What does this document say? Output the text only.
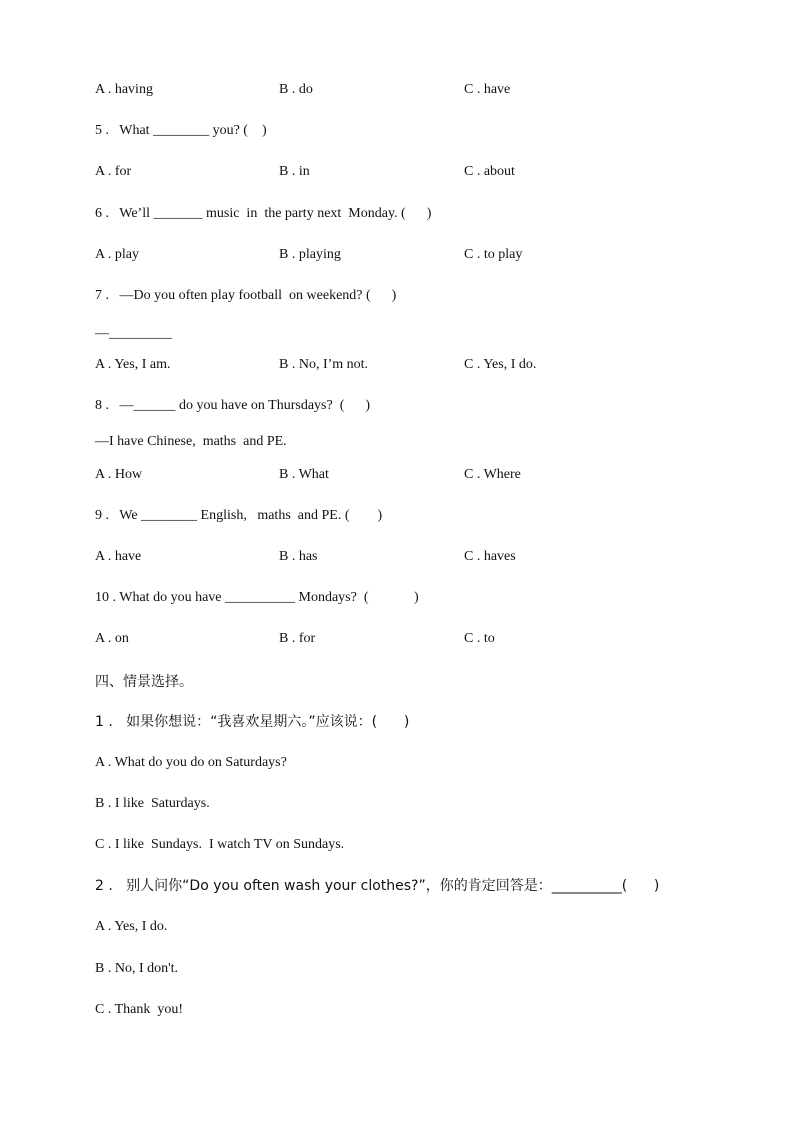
A . having	B . do	C . have
5 .   What ________ you? (    )
A . for	B . in	C . about
6 .   We’ll _______ music  in  the party next  Monday. (      )
A . play	B . playing	C . to play
7 .   —Do you often play football  on weekend? (      )
—_________
A . Yes, I am.	B . No, I’m not.	C . Yes, I do.
8 .   —______ do you have on Thursdays?  (      )
—I have Chinese,  maths  and PE.
A . How	B . What	C . Where
9 .   We ________ English,   maths  and PE. (        )
A . have	B . has	C . haves
10 . What do you have __________ Mondays?  (             )
A . on	B . for	C . to
四、情景选择。
1 .   如果你想说：“我喜欢星期六。”应该说：(      )
A . What do you do on Saturdays?
B . I like  Saturdays.
C . I like  Sundays.  I watch TV on Sundays.
2 .   别人问你“Do you often wash your clothes?”，你的肯定回答是：__________(      )
A . Yes, I do.
B . No, I don't.
C . Thank  you!
